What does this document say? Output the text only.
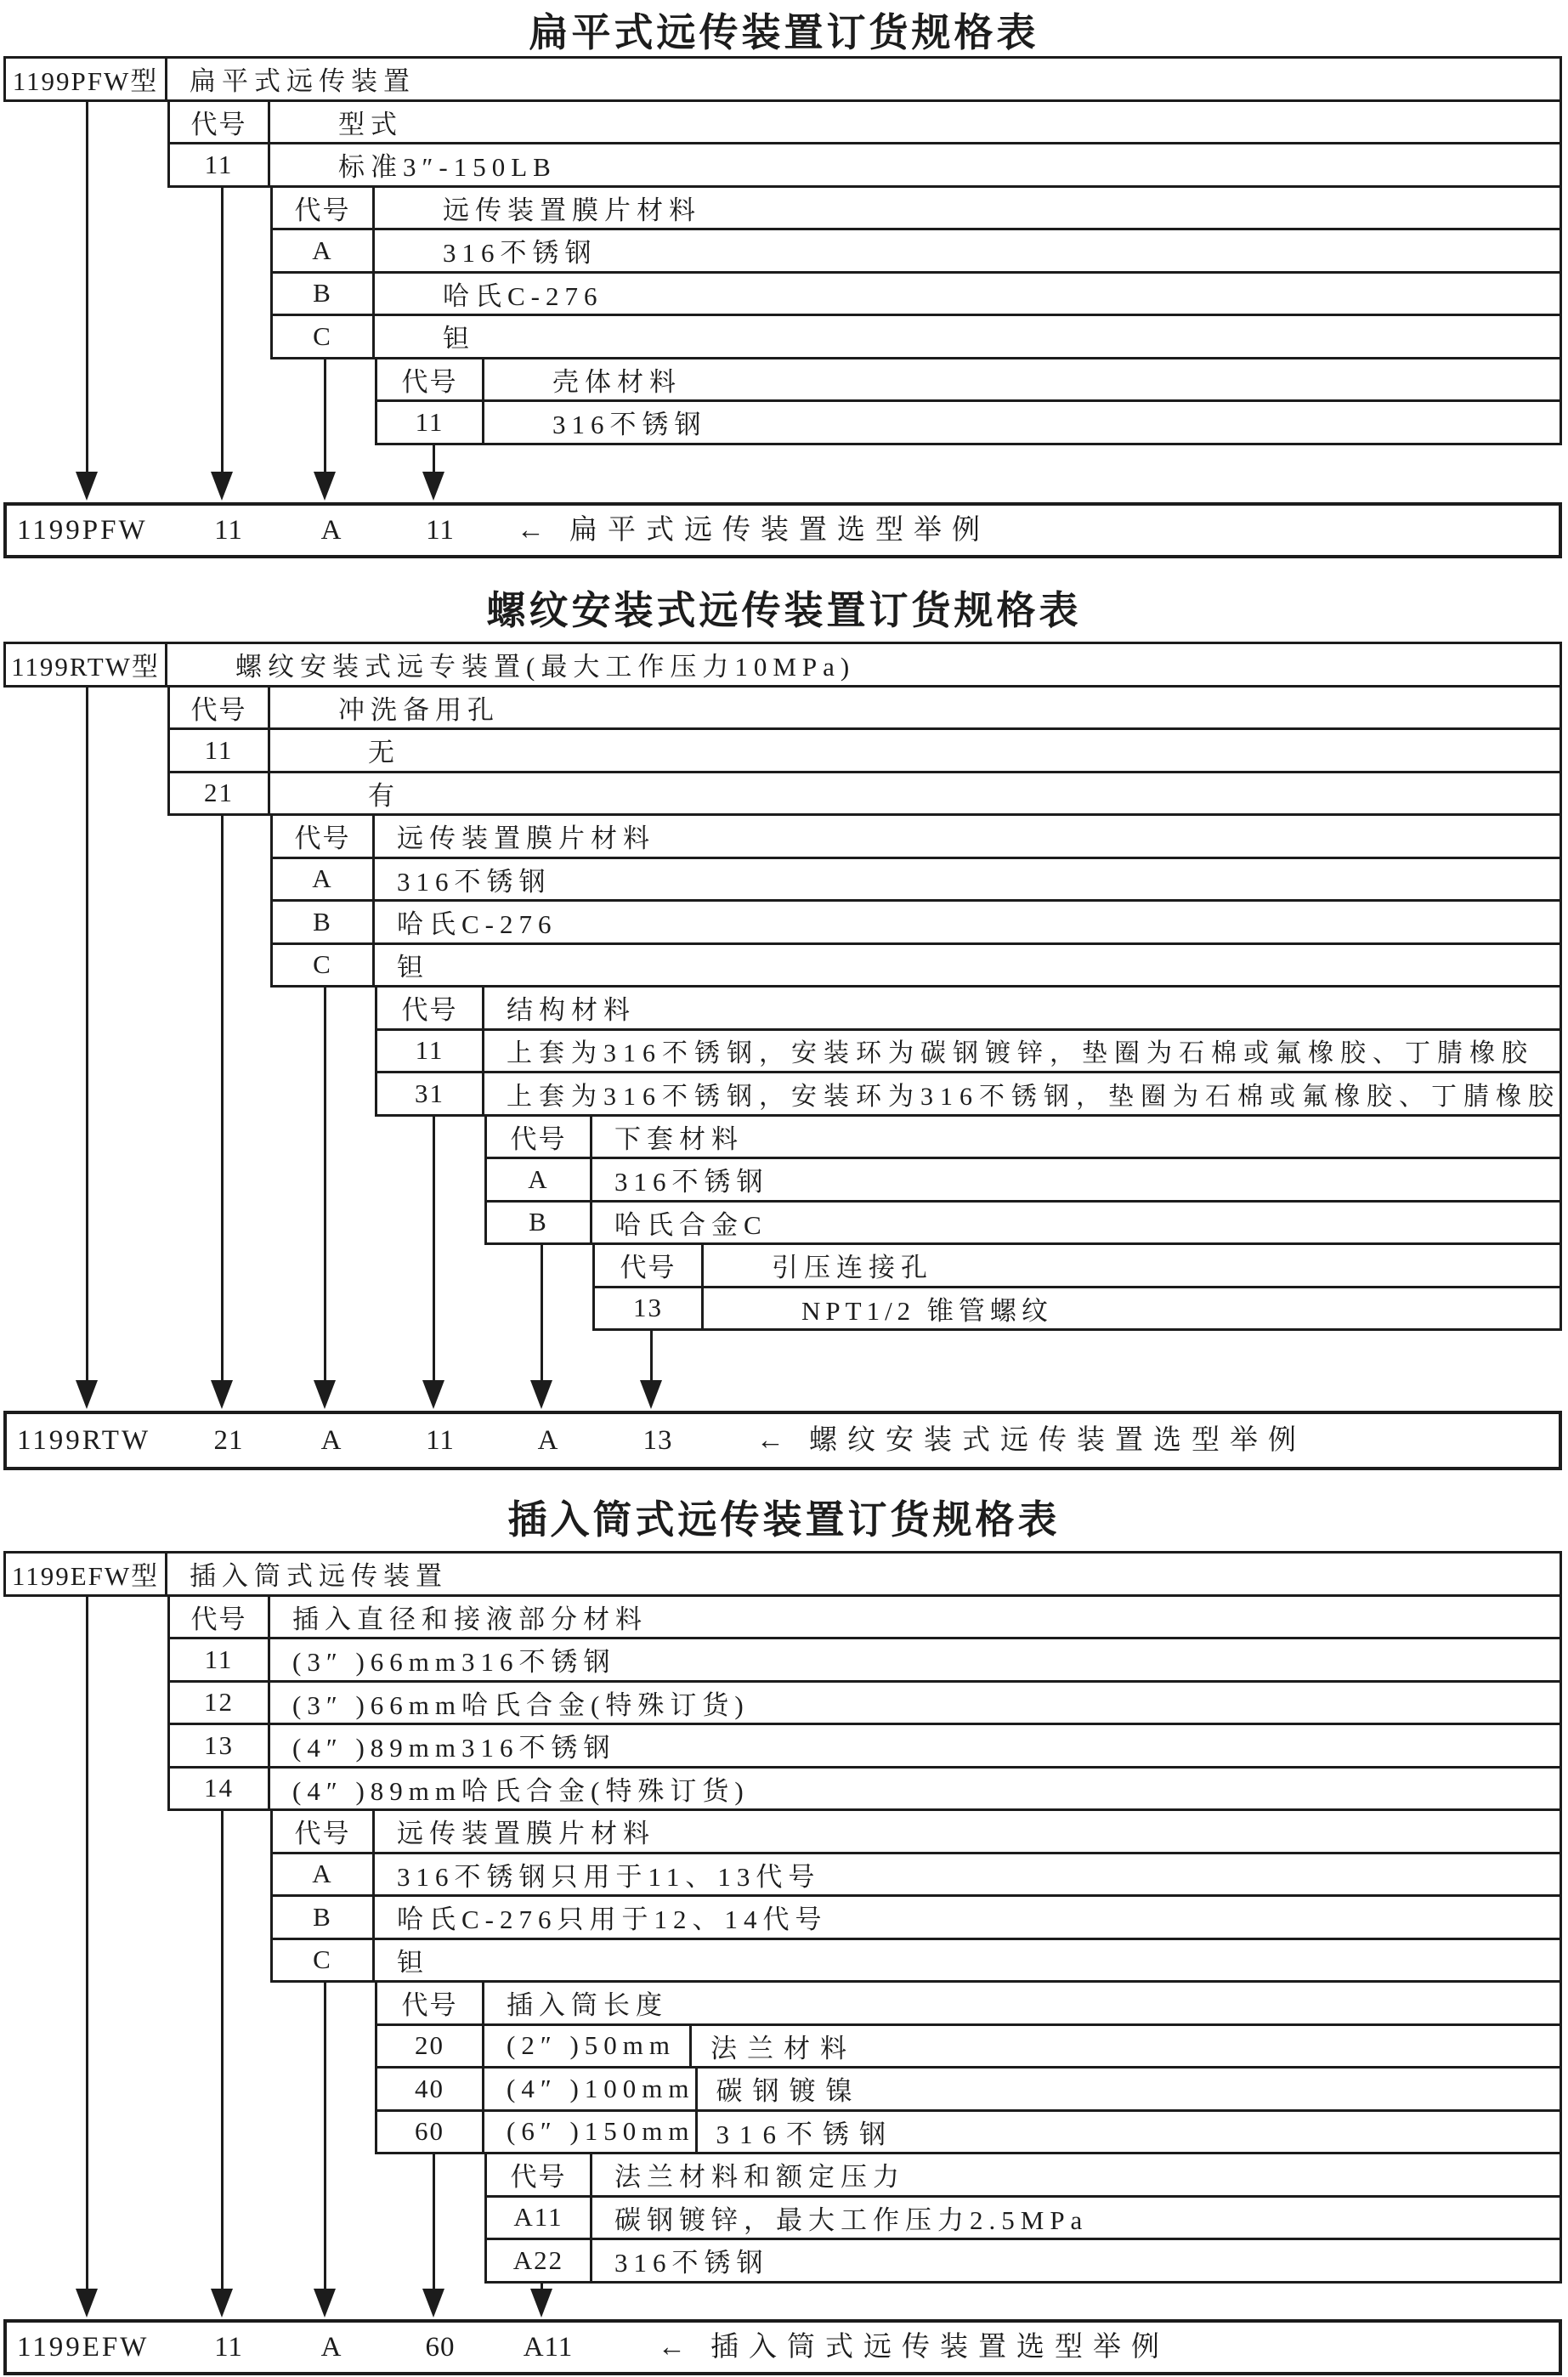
扁平式远传装置订货规格表
1199PFW型	扁平式远传装置
代号	型式
11	标准3″-150LB
代号	远传装置膜片材料
A	316不锈钢
B	哈氏C-276
C	钽
代号	壳体材料
11	316不锈钢
1199PFW 11	A	11 ← 扁平式远传装置选型举例
螺纹安装式远传装置订货规格表
1199RTW型	螺纹安装式远专装置(最大工作压力10MPa)
代号	冲洗备用孔
11	无
21	有
代号	远传装置膜片材料
A	316不锈钢
B	哈氏C-276
C	钽
代号	结构材料
11	上套为316不锈钢，安装环为碳钢镀锌，垫圈为石棉或氟橡胶、丁腈橡胶
31	上套为316不锈钢，安装环为316不锈钢，垫圈为石棉或氟橡胶、丁腈橡胶
代号	下套材料
A	316不锈钢
B	哈氏合金C
代号	引压连接孔
13	NPT1/2 锥管螺纹
1199RTW 21	A	11	A	13	← 螺纹安装式远传装置选型举例
插入筒式远传装置订货规格表
1199EFW型	插入筒式远传装置
代号	插入直径和接液部分材料
11	(3″ )66mm316不锈钢
12	(3″ )66mm哈氏合金(特殊订货)
13	(4″ )89mm316不锈钢
14	(4″ )89mm哈氏合金(特殊订货)
代号	远传装置膜片材料
A	316不锈钢只用于11、13代号
B	哈氏C-276只用于12、14代号
C	钽
代号	插入筒长度
20	(2″ )50mm	法兰材料
40	(4″ )100mm 碳钢镀镍
60	(6″ )150mm 316不锈钢
代号	法兰材料和额定压力
A11	碳钢镀锌，最大工作压力2.5MPa
A22	316不锈钢
1199EFW 11	A	60 A11	← 插入筒式远传装置选型举例
